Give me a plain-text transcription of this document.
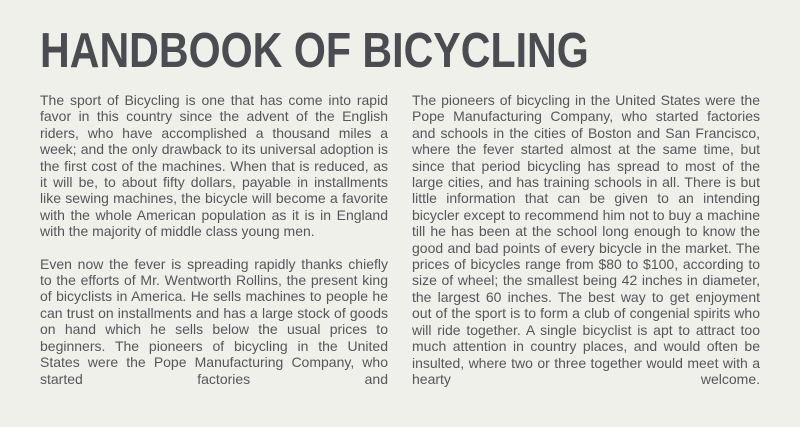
HANDBOOK OF BICYCLING

The sport of Bicycling is one that has come into rapid favor in this country since the advent of the English riders, who have accomplished a thousand miles a week; and the only drawback to its universal adoption is the first cost of the machines. When that is reduced, as it will be, to about fifty dollars, payable in installments like sewing machines, the bicycle will become a favorite with the whole American population as it is in England with the majority of middle class young men.

Even now the fever is spreading rapidly thanks chiefly to the efforts of Mr. Wentworth Rollins, the present king of bicyclists in America. He sells machines to people he can trust on installments and has a large stock of goods on hand which he sells below the usual prices to beginners. The pioneers of bicycling in the United States were the Pope Manufacturing Company, who started factories and

The pioneers of bicycling in the United States were the Pope Manufacturing Company, who started factories and schools in the cities of Boston and San Francisco, where the fever started almost at the same time, but since that period bicycling has spread to most of the large cities, and has training schools in all. There is but little information that can be given to an intending bicycler except to recommend him not to buy a machine till he has been at the school long enough to know the good and bad points of every bicycle in the market. The prices of bicycles range from $80 to $100, according to size of wheel; the smallest being 42 inches in diameter, the largest 60 inches. The best way to get enjoyment out of the sport is to form a club of congenial spirits who will ride together. A single bicyclist is apt to attract too much attention in country places, and would often be insulted, where two or three together would meet with a hearty welcome.
